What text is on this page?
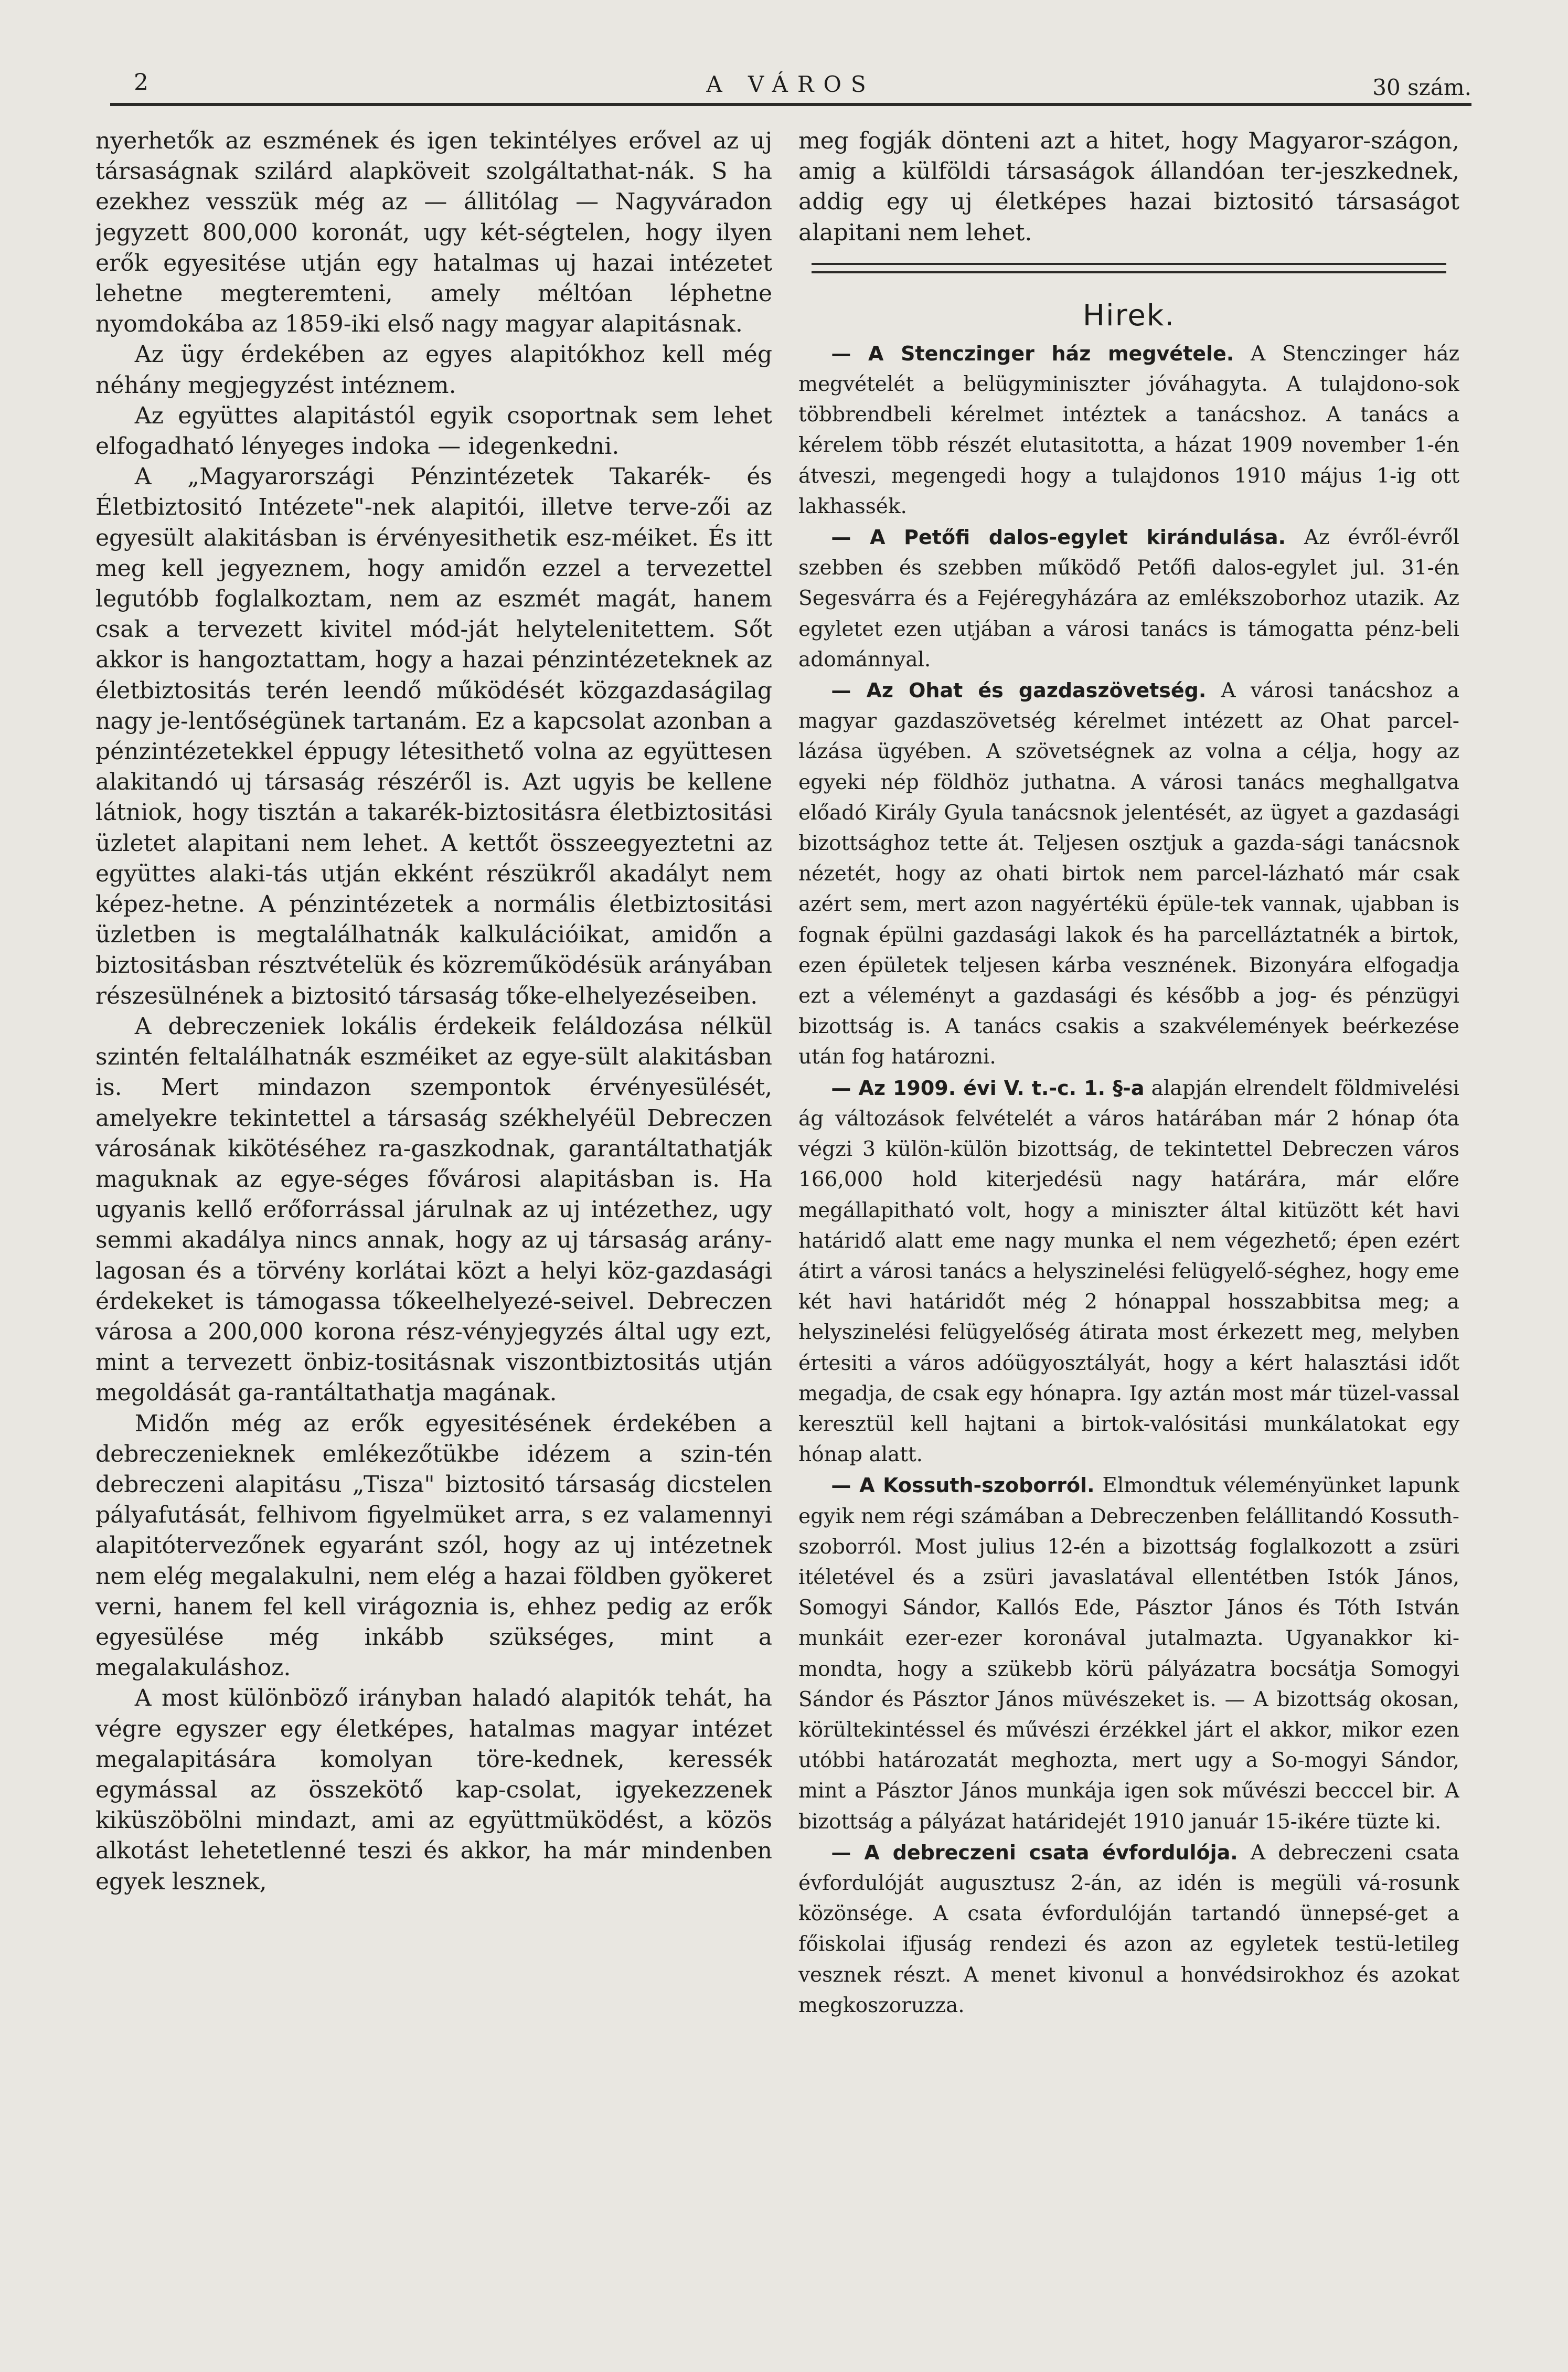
2	A VÁROS	30 szám.

nyerhetők az eszmének és igen tekintélyes erővel az uj társaságnak szilárd alapköveit szolgáltathat-nák. S ha ezekhez vesszük még az — állitólag — Nagyváradon jegyzett 800,000 koronát, ugy két-ségtelen, hogy ilyen erők egyesitése utján egy hatalmas uj hazai intézetet lehetne megteremteni, amely méltóan léphetne nyomdokába az 1859-iki első nagy magyar alapitásnak.

Az ügy érdekében az egyes alapitókhoz kell még néhány megjegyzést intéznem.

Az együttes alapitástól egyik csoportnak sem lehet elfogadható lényeges indoka — idegenkedni.

A „Magyarországi Pénzintézetek Takarék- és Életbiztositó Intézete"-nek alapitói, illetve terve-zői az egyesült alakitásban is érvényesithetik esz-méiket. És itt meg kell jegyeznem, hogy amidőn ezzel a tervezettel legutóbb foglalkoztam, nem az eszmét magát, hanem csak a tervezett kivitel mód-ját helytelenitettem. Sőt akkor is hangoztattam, hogy a hazai pénzintézeteknek az életbiztositás terén leendő működését közgazdaságilag nagy je-lentőségünek tartanám. Ez a kapcsolat azonban a pénzintézetekkel éppugy létesithető volna az együttesen alakitandó uj társaság részéről is. Azt ugyis be kellene látniok, hogy tisztán a takarék-biztositásra életbiztositási üzletet alapitani nem lehet. A kettőt összeegyeztetni az együttes alaki-tás utján ekként részükről akadályt nem képez-hetne. A pénzintézetek a normális életbiztositási üzletben is megtalálhatnák kalkulációikat, amidőn a biztositásban résztvételük és közreműködésük arányában részesülnének a biztositó társaság tőke-elhelyezéseiben.

A debreczeniek lokális érdekeik feláldozása nélkül szintén feltalálhatnák eszméiket az egye-sült alakitásban is. Mert mindazon szempontok érvényesülését, amelyekre tekintettel a társaság székhelyéül Debreczen városának kikötéséhez ra-gaszkodnak, garantáltathatják maguknak az egye-séges fővárosi alapitásban is. Ha ugyanis kellő erőforrással járulnak az uj intézethez, ugy semmi akadálya nincs annak, hogy az uj társaság arány-lagosan és a törvény korlátai közt a helyi köz-gazdasági érdekeket is támogassa tőkeelhelyezé-seivel. Debreczen városa a 200,000 korona rész-vényjegyzés által ugy ezt, mint a tervezett önbiz-tositásnak viszontbiztositás utján megoldását ga-rantáltathatja magának.

Midőn még az erők egyesitésének érdekében a debreczenieknek emlékezőtükbe idézem a szin-tén debreczeni alapitásu „Tisza" biztositó társaság dicstelen pályafutását, felhivom figyelmüket arra, s ez valamennyi alapitótervezőnek egyaránt szól, hogy az uj intézetnek nem elég megalakulni, nem elég a hazai földben gyökeret verni, hanem fel kell virágoznia is, ehhez pedig az erők egyesülése még inkább szükséges, mint a megalakuláshoz.

A most különböző irányban haladó alapitók tehát, ha végre egyszer egy életképes, hatalmas magyar intézet megalapitására komolyan töre-kednek, keressék egymással az összekötő kap-csolat, igyekezzenek kiküszöbölni mindazt, ami az együttmüködést, a közös alkotást lehetetlenné teszi és akkor, ha már mindenben egyek lesznek,

meg fogják dönteni azt a hitet, hogy Magyaror-szágon, amig a külföldi társaságok állandóan ter-jeszkednek, addig egy uj életképes hazai biztositó társaságot alapitani nem lehet.

Hirek.

— A Stenczinger ház megvétele. A Stenczinger ház megvételét a belügyminiszter jóváhagyta. A tulajdono-sok többrendbeli kérelmet intéztek a tanácshoz. A tanács a kérelem több részét elutasitotta, a házat 1909 november 1-én átveszi, megengedi hogy a tulajdonos 1910 május 1-ig ott lakhassék.

— A Petőfi dalos-egylet kirándulása. Az évről-évről szebben és szebben működő Petőfi dalos-egylet jul. 31-én Segesvárra és a Fejéregyházára az emlékszoborhoz utazik. Az egyletet ezen utjában a városi tanács is támogatta pénz-beli adománnyal.

— Az Ohat és gazdaszövetség. A városi tanácshoz a magyar gazdaszövetség kérelmet intézett az Ohat parcel-lázása ügyében. A szövetségnek az volna a célja, hogy az egyeki nép földhöz juthatna. A városi tanács meghallgatva előadó Király Gyula tanácsnok jelentését, az ügyet a gazdasági bizottsághoz tette át. Teljesen osztjuk a gazda-sági tanácsnok nézetét, hogy az ohati birtok nem parcel-lázható már csak azért sem, mert azon nagyértékü épüle-tek vannak, ujabban is fognak épülni gazdasági lakok és ha parcelláztatnék a birtok, ezen épületek teljesen kárba vesznének. Bizonyára elfogadja ezt a véleményt a gazdasági és később a jog- és pénzügyi bizottság is. A tanács csakis a szakvélemények beérkezése után fog határozni.

— Az 1909. évi V. t.-c. 1. §-a alapján elrendelt földmivelési ág változások felvételét a város határában már 2 hónap óta végzi 3 külön-külön bizottság, de tekintettel Debreczen város 166,000 hold kiterjedésü nagy határára, már előre megállapitható volt, hogy a miniszter által kitüzött két havi határidő alatt eme nagy munka el nem végezhető; épen ezért átirt a városi tanács a helyszinelési felügyelő-séghez, hogy eme két havi határidőt még 2 hónappal hosszabbitsa meg; a helyszinelési felügyelőség átirata most érkezett meg, melyben értesiti a város adóügyosztályát, hogy a kért halasztási időt megadja, de csak egy hónapra. Igy aztán most már tüzel-vassal keresztül kell hajtani a birtok-valósitási munkálatokat egy hónap alatt.

— A Kossuth-szoborról. Elmondtuk véleményünket lapunk egyik nem régi számában a Debreczenben felállitandó Kossuth-szoborról. Most julius 12-én a bizottság foglalkozott a zsüri itéletével és a zsüri javaslatával ellentétben Istók János, Somogyi Sándor, Kallós Ede, Pásztor János és Tóth István munkáit ezer-ezer koronával jutalmazta. Ugyanakkor ki-mondta, hogy a szükebb körü pályázatra bocsátja Somogyi Sándor és Pásztor János müvészeket is. — A bizottság okosan, körültekintéssel és művészi érzékkel járt el akkor, mikor ezen utóbbi határozatát meghozta, mert ugy a So-mogyi Sándor, mint a Pásztor János munkája igen sok művészi becссel bir. A bizottság a pályázat határidejét 1910 január 15-ikére tüzte ki.

— A debreczeni csata évfordulója. A debreczeni csata évfordulóját augusztusz 2-án, az idén is megüli vá-rosunk közönsége. A csata évfordulóján tartandó ünnepsé-get a főiskolai ifjuság rendezi és azon az egyletek testü-letileg vesznek részt. A menet kivonul a honvédsirokhoz és azokat megkoszoruzza.
